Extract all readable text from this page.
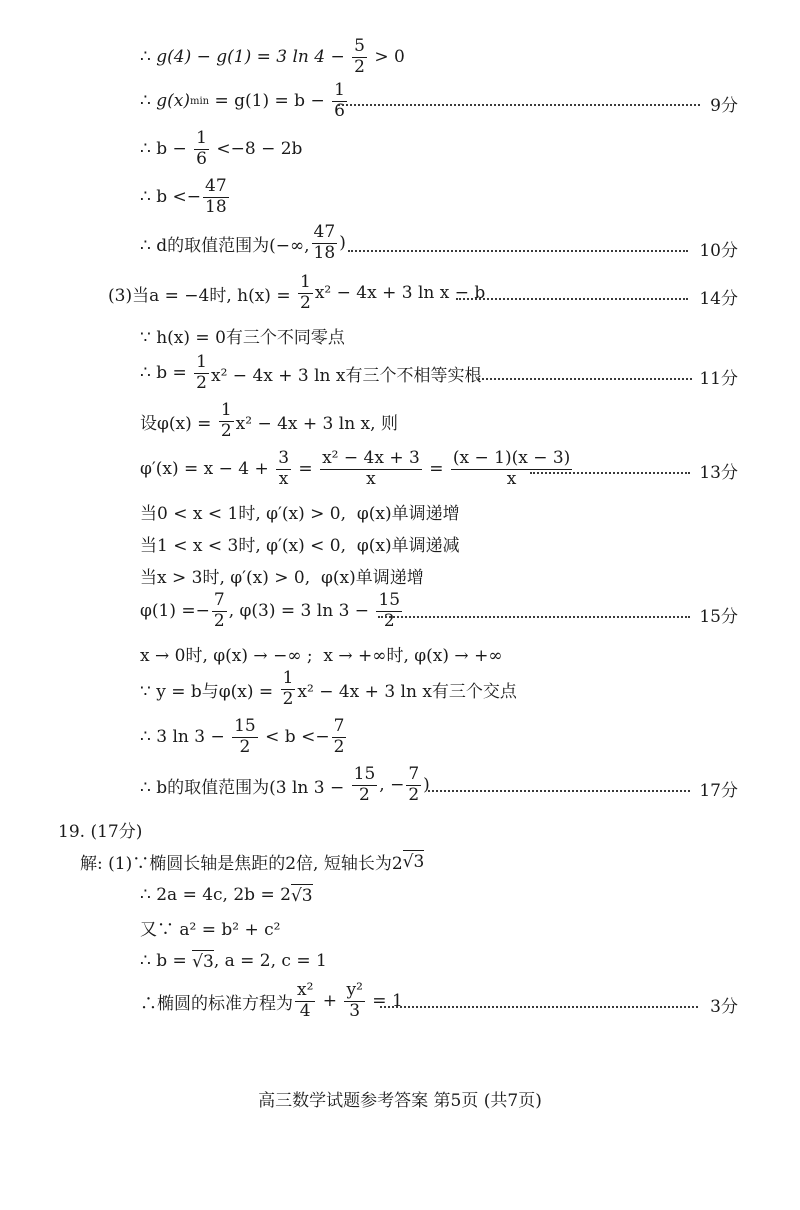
∴ g(4) − g(1) = 3 $\ln 4 - \frac{5}{2} > 0$
∴ g(x) $\min = g(1) = b - \frac{1}{6}$	9分
∴ $b - \frac{1}{6} <-8 - 2b$
∴ $b <- \frac{47}{18}$
∴ d的取值范围为(−∞, $\frac{47}{18}$ )	10分
(3)当a = −4时, $h(x) = \frac{1}{2} x^2 - 4x + 3$ ln x − b	14分
∵ h(x) = 0有三个不同零点
∴ $b = \frac{1}{2} x^2 - 4x + 3$ ln x有三个不相等实根	11分
设$\varphi(x) = \frac{1}{2} x^2 - 4x + 3$ ln x, 则
$\varphi'(x) = x - 4 + \frac{3}{x} = \frac{\text{x² − 4x + 3}}{x} = \frac{(x - 1)(x - 3)}{x}$	13分
当0 < x < 1时, φ′(x) > 0,  φ(x)单调递增
当1 < x < 3时, φ′(x) < 0,  φ(x)单调递减
当x > 3时, φ′(x) > 0,  φ(x)单调递增
$\varphi(1) =- \frac{7}{2}$ , φ(3) = 3 $\ln 3 - \frac{15}{2}$	15分
x → 0时, φ(x) → −∞ ;  x → +∞时, φ(x) → +∞
∵ y = b与$\varphi(x) = \frac{1}{2} x^2 - 4x + 3$ ln x有三个交点
∴ 3 $\ln 3 - \frac{15}{2} < b <- \frac{7}{2}$
∴ b的取值范围为(3 $\ln 3 - \frac{15}{2}$ , − $\frac{7}{2}$ )	17分
19. (17分)
解: (1)∵椭圆长轴是焦距的2倍, 短轴长为2 √3
∴ 2a = 4c, 2b = 2 √3
又∵ a² = b² + c²
∴ b = √3 , a = 2, c = 1
∴椭圆的标准方程为 $\frac{\text{x²}}{4} + \frac{\text{y²}}{3} = 1$	3分
高三数学试题参考答案 第5页 (共7页)
